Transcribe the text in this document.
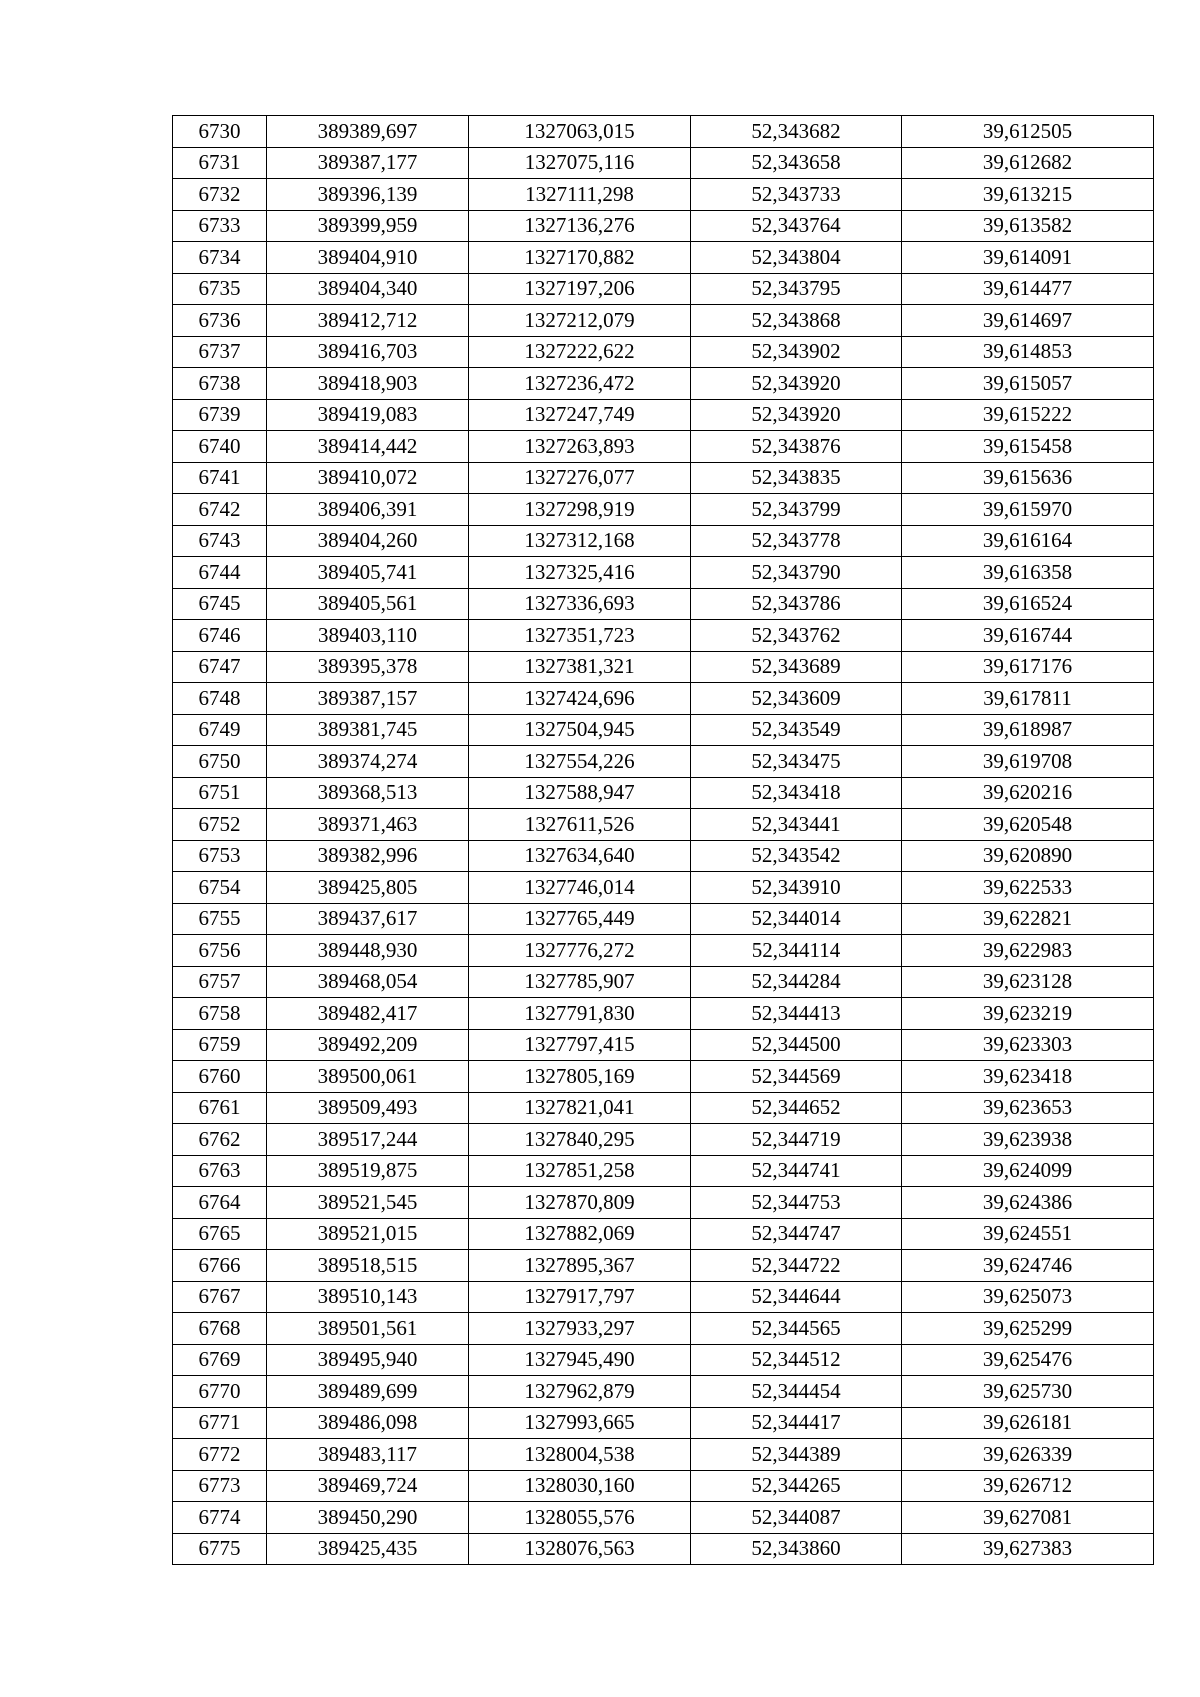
6730	389389,697	1327063,015	52,343682	39,612505
6731	389387,177	1327075,116	52,343658	39,612682
6732	389396,139	1327111,298	52,343733	39,613215
6733	389399,959	1327136,276	52,343764	39,613582
6734	389404,910	1327170,882	52,343804	39,614091
6735	389404,340	1327197,206	52,343795	39,614477
6736	389412,712	1327212,079	52,343868	39,614697
6737	389416,703	1327222,622	52,343902	39,614853
6738	389418,903	1327236,472	52,343920	39,615057
6739	389419,083	1327247,749	52,343920	39,615222
6740	389414,442	1327263,893	52,343876	39,615458
6741	389410,072	1327276,077	52,343835	39,615636
6742	389406,391	1327298,919	52,343799	39,615970
6743	389404,260	1327312,168	52,343778	39,616164
6744	389405,741	1327325,416	52,343790	39,616358
6745	389405,561	1327336,693	52,343786	39,616524
6746	389403,110	1327351,723	52,343762	39,616744
6747	389395,378	1327381,321	52,343689	39,617176
6748	389387,157	1327424,696	52,343609	39,617811
6749	389381,745	1327504,945	52,343549	39,618987
6750	389374,274	1327554,226	52,343475	39,619708
6751	389368,513	1327588,947	52,343418	39,620216
6752	389371,463	1327611,526	52,343441	39,620548
6753	389382,996	1327634,640	52,343542	39,620890
6754	389425,805	1327746,014	52,343910	39,622533
6755	389437,617	1327765,449	52,344014	39,622821
6756	389448,930	1327776,272	52,344114	39,622983
6757	389468,054	1327785,907	52,344284	39,623128
6758	389482,417	1327791,830	52,344413	39,623219
6759	389492,209	1327797,415	52,344500	39,623303
6760	389500,061	1327805,169	52,344569	39,623418
6761	389509,493	1327821,041	52,344652	39,623653
6762	389517,244	1327840,295	52,344719	39,623938
6763	389519,875	1327851,258	52,344741	39,624099
6764	389521,545	1327870,809	52,344753	39,624386
6765	389521,015	1327882,069	52,344747	39,624551
6766	389518,515	1327895,367	52,344722	39,624746
6767	389510,143	1327917,797	52,344644	39,625073
6768	389501,561	1327933,297	52,344565	39,625299
6769	389495,940	1327945,490	52,344512	39,625476
6770	389489,699	1327962,879	52,344454	39,625730
6771	389486,098	1327993,665	52,344417	39,626181
6772	389483,117	1328004,538	52,344389	39,626339
6773	389469,724	1328030,160	52,344265	39,626712
6774	389450,290	1328055,576	52,344087	39,627081
6775	389425,435	1328076,563	52,343860	39,627383
